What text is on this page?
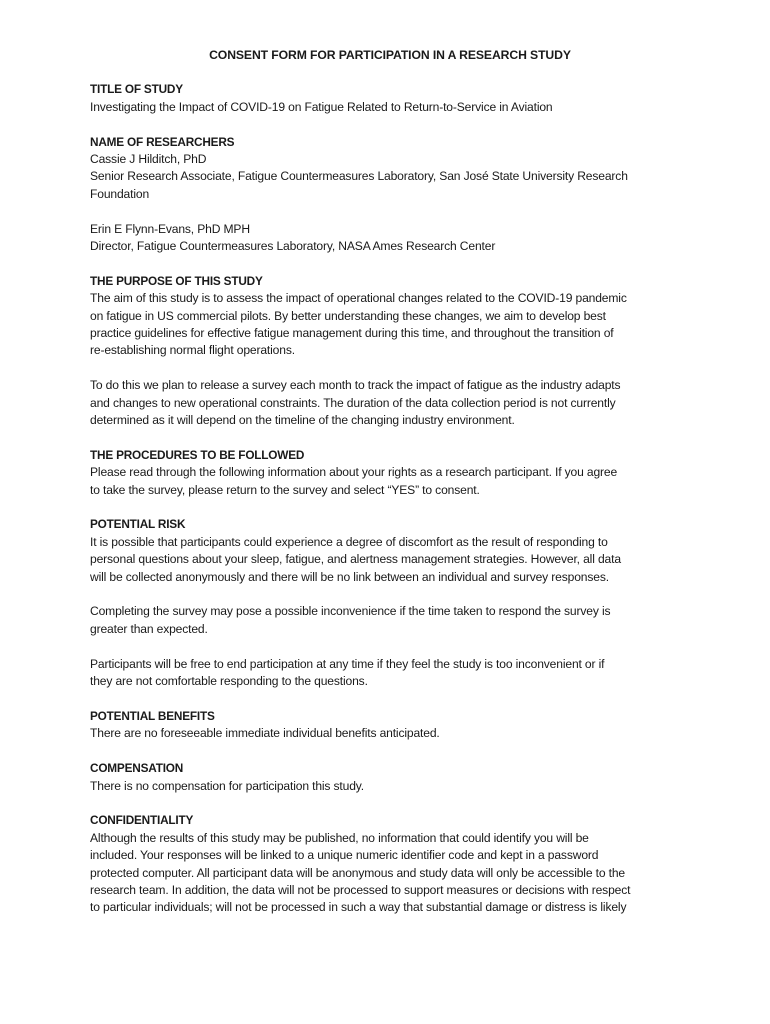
CONSENT FORM FOR PARTICIPATION IN A RESEARCH STUDY
TITLE OF STUDY
Investigating the Impact of COVID-19 on Fatigue Related to Return-to-Service in Aviation
NAME OF RESEARCHERS
Cassie J Hilditch, PhD
Senior Research Associate, Fatigue Countermeasures Laboratory, San José State University Research
Foundation
Erin E Flynn-Evans, PhD MPH
Director, Fatigue Countermeasures Laboratory, NASA Ames Research Center
THE PURPOSE OF THIS STUDY
The aim of this study is to assess the impact of operational changes related to the COVID-19 pandemic
on fatigue in US commercial pilots. By better understanding these changes, we aim to develop best
practice guidelines for effective fatigue management during this time, and throughout the transition of
re-establishing normal flight operations.
To do this we plan to release a survey each month to track the impact of fatigue as the industry adapts
and changes to new operational constraints. The duration of the data collection period is not currently
determined as it will depend on the timeline of the changing industry environment.
THE PROCEDURES TO BE FOLLOWED
Please read through the following information about your rights as a research participant. If you agree
to take the survey, please return to the survey and select “YES” to consent.
POTENTIAL RISK
It is possible that participants could experience a degree of discomfort as the result of responding to
personal questions about your sleep, fatigue, and alertness management strategies. However, all data
will be collected anonymously and there will be no link between an individual and survey responses.
Completing the survey may pose a possible inconvenience if the time taken to respond the survey is
greater than expected.
Participants will be free to end participation at any time if they feel the study is too inconvenient or if
they are not comfortable responding to the questions.
POTENTIAL BENEFITS
There are no foreseeable immediate individual benefits anticipated.
COMPENSATION
There is no compensation for participation this study.
CONFIDENTIALITY
Although the results of this study may be published, no information that could identify you will be
included. Your responses will be linked to a unique numeric identifier code and kept in a password
protected computer. All participant data will be anonymous and study data will only be accessible to the
research team. In addition, the data will not be processed to support measures or decisions with respect
to particular individuals; will not be processed in such a way that substantial damage or distress is likely
